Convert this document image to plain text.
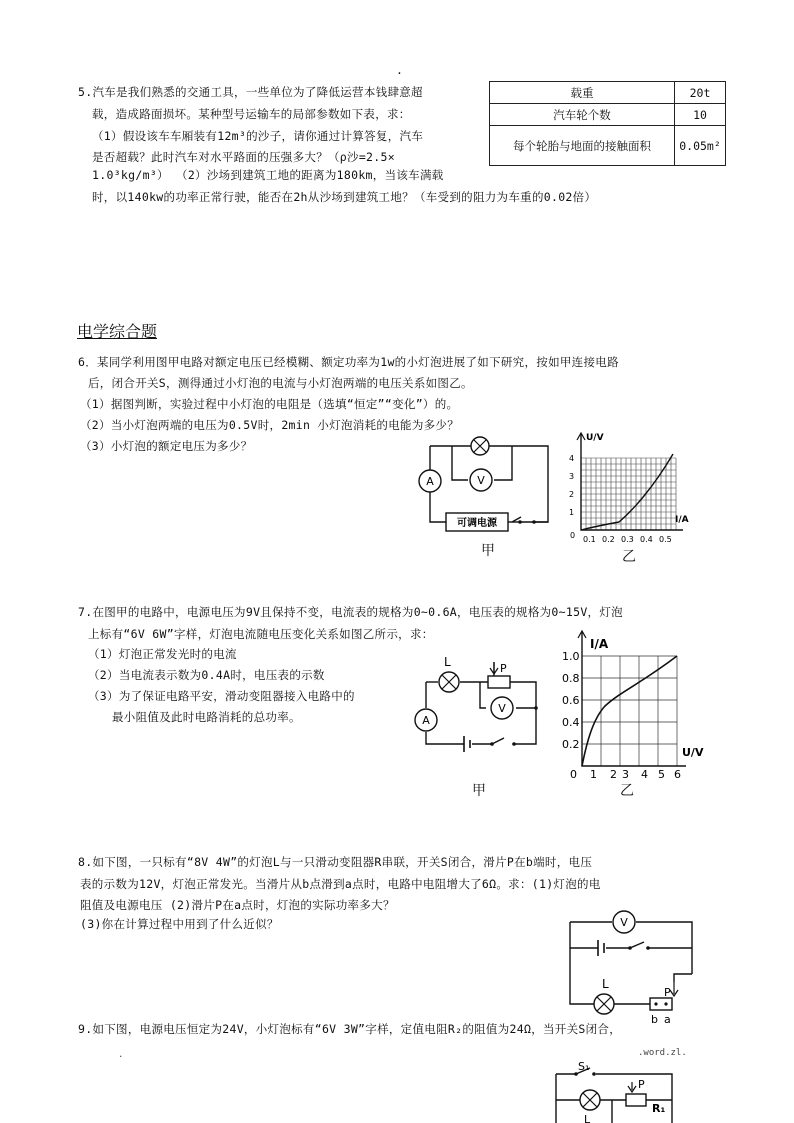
.
5.汽车是我们熟悉的交通工具，一些单位为了降低运营本钱肆意超
载，造成路面损坏。某种型号运输车的局部参数如下表，求：
（1）假设该车车厢装有12m³的沙子，请你通过计算答复，汽车
是否超载？此时汽车对水平路面的压强多大？（ρ沙=2.5×
1.0³kg/m³） （2）沙场到建筑工地的距离为180km，当该车满载
时，以140kw的功率正常行驶，能否在2h从沙场到建筑工地？（车受到的阻力为车重的0.02倍）
载重	20t
汽车轮个数	10
每个轮胎与地面的接触面积	0.05m²
电学综合题
6．某同学利用图甲电路对额定电压已经模糊、额定功率为1w的小灯泡进展了如下研究，按如甲连接电路
后，闭合开关S，测得通过小灯泡的电流与小灯泡两端的电压关系如图乙。
（1）据图判断，实验过程中小灯泡的电阻是（选填“恒定”“变化”）的。
（2）当小灯泡两端的电压为0.5V时，2min 小灯泡消耗的电能为多少？
（3）小灯泡的额定电压为多少？
A	V
可调电源
甲
U/V
I/A
1
2
3
4
0 0.1 0.2 0.3 0.4 0.5
乙
7.在图甲的电路中，电源电压为9V且保持不变，电流表的规格为0~0.6A，电压表的规格为0~15V，灯泡
上标有“6V 6W”字样，灯泡电流随电压变化关系如图乙所示，求：
（1）灯泡正常发光时的电流
（2）当电流表示数为0.4A时，电压表的示数
（3）为了保证电路平安，滑动变阻器接入电路中的
最小阻值及此时电路消耗的总功率。	A
V
L	P
甲
I/A
U/V
0.2
0.4
0.6
0.8
1.0
0 1 2 3 4 5 6
乙
8.如下图，一只标有“8V 4W”的灯泡L与一只滑动变阻器R串联，开关S闭合，滑片P在b端时，电压
表的示数为12V，灯泡正常发光。当滑片从b点滑到a点时，电路中电阻增大了6Ω。求：(1)灯泡的电
阻值及电源电压 (2)滑片P在a点时，灯泡的实际功率多大？
(3)你在计算过程中用到了什么近似？	V
L
P
b a
9.如下图，电源电压恒定为24V，小灯泡标有“6V 3W”字样，定值电阻R₂的阻值为24Ω，当开关S闭合，
S₁
P
R₁
L
.	.word.zl.
